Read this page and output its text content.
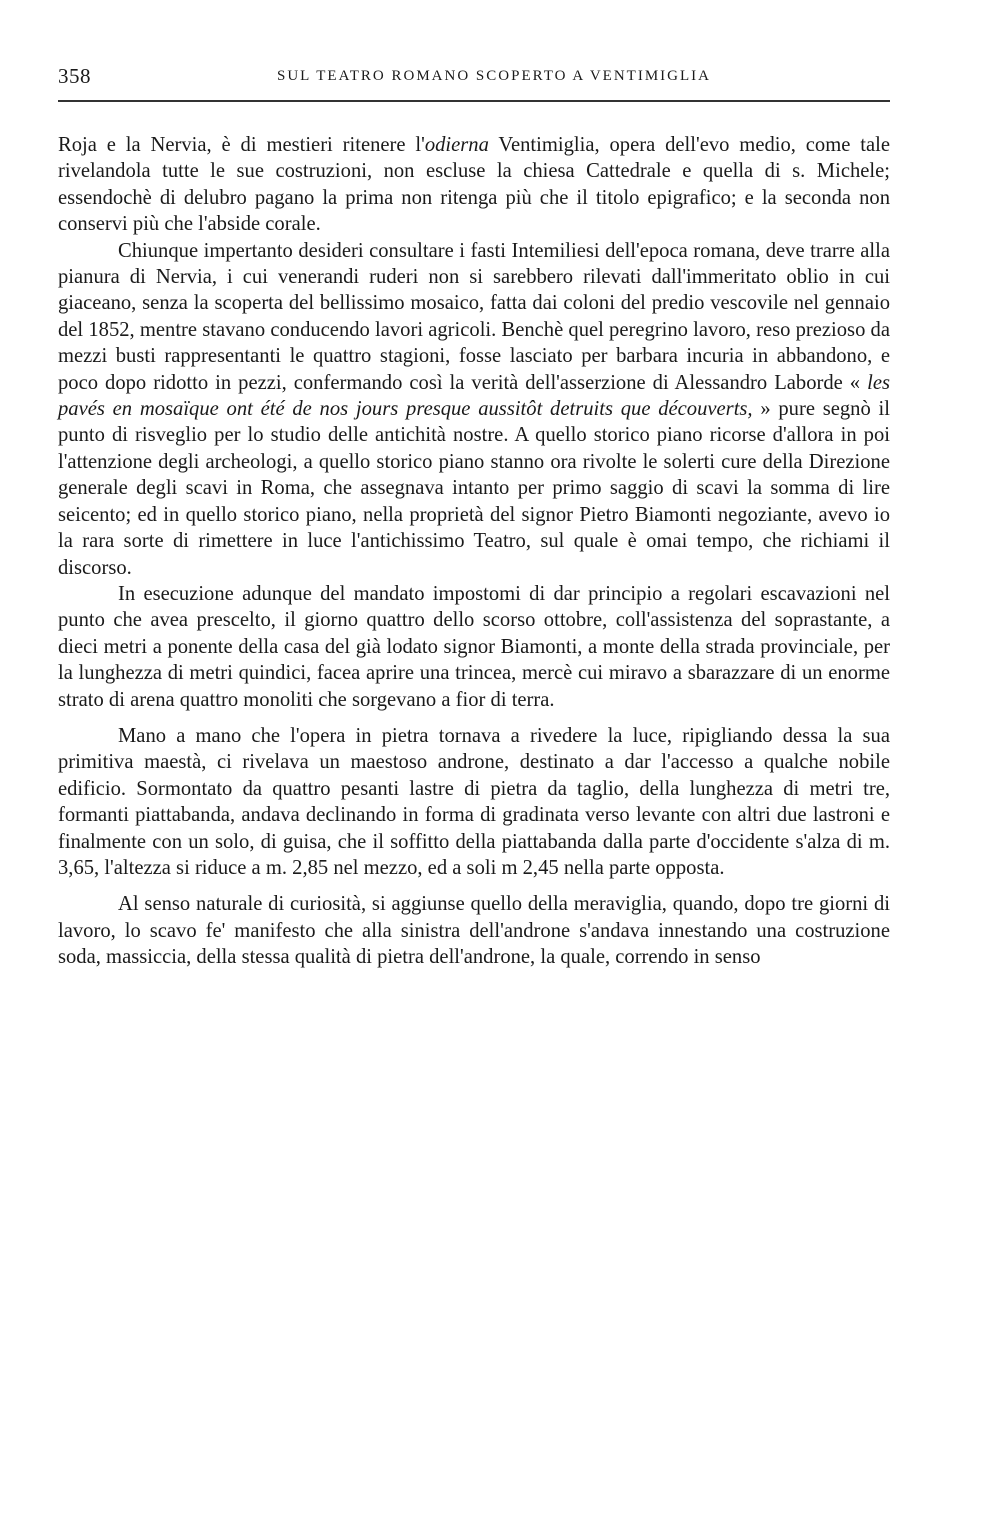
358	SUL TEATRO ROMANO SCOPERTO A VENTIMIGLIA

Roja e la Nervia, è di mestieri ritenere l'odierna Ventimiglia, opera dell'evo medio, come tale rivelandola tutte le sue costruzioni, non escluse la chiesa Cattedrale e quella di s. Michele; essendochè di delubro pagano la prima non ritenga più che il titolo epigrafico; e la seconda non conservi più che l'abside corale.

Chiunque impertanto desideri consultare i fasti Intemiliesi dell'epoca romana, deve trarre alla pianura di Nervia, i cui venerandi ruderi non si sarebbero rilevati dall'immeritato oblio in cui giaceano, senza la scoperta del bellissimo mosaico, fatta dai coloni del predio vescovile nel gennaio del 1852, mentre stavano conducendo lavori agricoli. Benchè quel peregrino lavoro, reso prezioso da mezzi busti rappresentanti le quattro stagioni, fosse lasciato per barbara incuria in abbandono, e poco dopo ridotto in pezzi, confermando così la verità dell'asserzione di Alessandro Laborde « les pavés en mosaïque ont été de nos jours presque aussitôt detruits que découverts, » pure segnò il punto di risveglio per lo studio delle antichità nostre. A quello storico piano ricorse d'allora in poi l'attenzione degli archeologi, a quello storico piano stanno ora rivolte le solerti cure della Direzione generale degli scavi in Roma, che assegnava intanto per primo saggio di scavi la somma di lire seicento; ed in quello storico piano, nella proprietà del signor Pietro Biamonti negoziante, avevo io la rara sorte di rimettere in luce l'antichissimo Teatro, sul quale è omai tempo, che richiami il discorso.

In esecuzione adunque del mandato impostomi di dar principio a regolari escavazioni nel punto che avea prescelto, il giorno quattro dello scorso ottobre, coll'assistenza del soprastante, a dieci metri a ponente della casa del già lodato signor Biamonti, a monte della strada provinciale, per la lunghezza di metri quindici, facea aprire una trincea, mercè cui miravo a sbarazzare di un enorme strato di arena quattro monoliti che sorgevano a fior di terra.

Mano a mano che l'opera in pietra tornava a rivedere la luce, ripigliando dessa la sua primitiva maestà, ci rivelava un maestoso androne, destinato a dar l'accesso a qualche nobile edificio. Sormontato da quattro pesanti lastre di pietra da taglio, della lunghezza di metri tre, formanti piattabanda, andava declinando in forma di gradinata verso levante con altri due lastroni e finalmente con un solo, di guisa, che il soffitto della piattabanda dalla parte d'occidente s'alza di m. 3,65, l'altezza si riduce a m. 2,85 nel mezzo, ed a soli m 2,45 nella parte opposta.

Al senso naturale di curiosità, si aggiunse quello della meraviglia, quando, dopo tre giorni di lavoro, lo scavo fe' manifesto che alla sinistra dell'androne s'andava innestando una costruzione soda, massiccia, della stessa qualità di pietra dell'androne, la quale, correndo in senso
